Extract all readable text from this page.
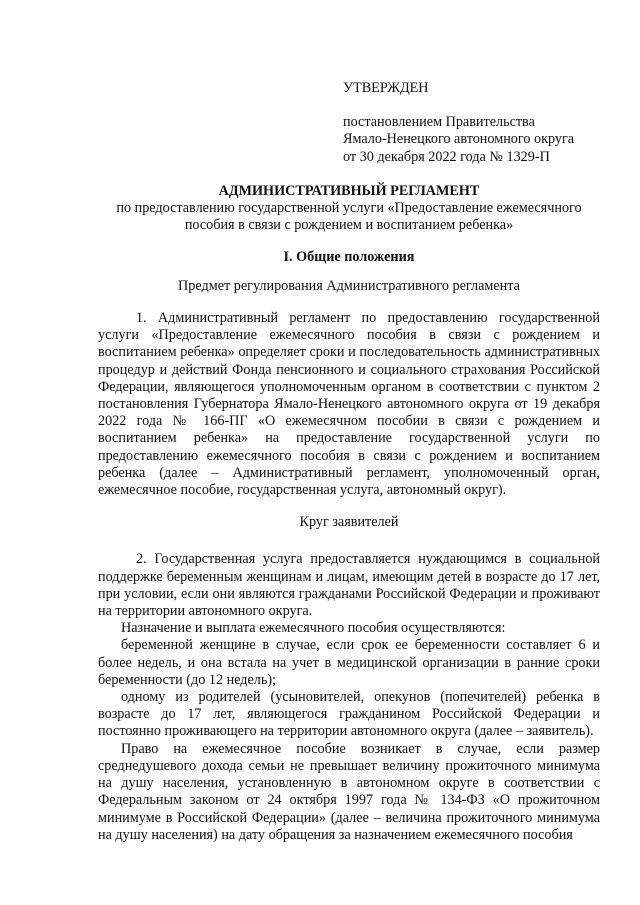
УТВЕРЖДЕН
постановлением Правительства
Ямало-Ненецкого автономного округа
от 30 декабря 2022 года № 1329-П

АДМИНИСТРАТИВНЫЙ РЕГЛАМЕНТ

по предоставлению государственной услуги «Предоставление ежемесячного

пособия в связи с рождением и воспитанием ребенка»

I. Общие положения

Предмет регулирования Административного регламента

1. Административный регламент по предоставлению государственной услуги «Предоставление ежемесячного пособия в связи с рождением и воспитанием ребенка» определяет сроки и последовательность административных процедур и действий Фонда пенсионного и социального страхования Российской Федерации, являющегося уполномоченным органом в соответствии с пунктом 2 постановления Губернатора Ямало-Ненецкого автономного округа от 19 декабря 2022 года № 166-ПГ «О ежемесячном пособии в связи с рождением и воспитанием ребенка» на предоставление государственной услуги по предоставлению ежемесячного пособия в связи с рождением и воспитанием ребенка (далее – Административный регламент, уполномоченный орган, ежемесячное пособие, государственная услуга, автономный округ).

Круг заявителей

2. Государственная услуга предоставляется нуждающимся в социальной поддержке беременным женщинам и лицам, имеющим детей в возрасте до 17 лет, при условии, если они являются гражданами Российской Федерации и проживают на территории автономного округа.

Назначение и выплата ежемесячного пособия осуществляются:

беременной женщине в случае, если срок ее беременности составляет 6 и более недель, и она встала на учет в медицинской организации в ранние сроки беременности (до 12 недель);

одному из родителей (усыновителей, опекунов (попечителей) ребенка в возрасте до 17 лет, являющегося гражданином Российской Федерации и постоянно проживающего на территории автономного округа (далее – заявитель).

Право на ежемесячное пособие возникает в случае, если размер среднедушевого дохода семьи не превышает величину прожиточного минимума на душу населения, установленную в автономном округе в соответствии с Федеральным законом от 24 октября 1997 года № 134-ФЗ «О прожиточном минимуме в Российской Федерации» (далее – величина прожиточного минимума на душу населения) на дату обращения за назначением ежемесячного пособия
